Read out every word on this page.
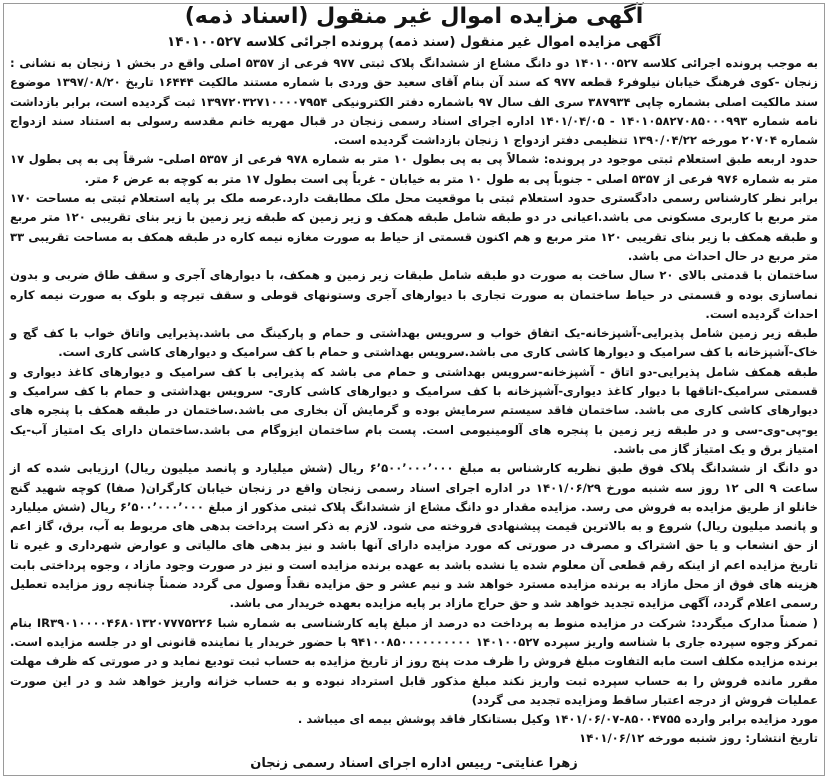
آگهی مزایده اموال غیر منقول (اسناد ذمه)
آگهی مزایده اموال غیر منقول (سند ذمه) پرونده اجرائی کلاسه ۱۴۰۱۰۰۵۲۷

به موجب پرونده اجرائی کلاسه ۱۴۰۱۰۰۵۲۷ دو دانگ مشاع از ششدانگ پلاک ثبتی ۹۷۷ فرعی از ۵۳۵۷ اصلی واقع در بخش ۱ زنجان به نشانی : زنجان -کوی فرهنگ خیابان نیلوفر۶ قطعه ۹۷۷ که سند آن بنام آقای سعید حق وردی با شماره مستند مالکیت ۱۶۴۴۴ تاریخ ۱۳۹۷/۰۸/۲۰ موضوع سند مالکیت اصلی بشماره چاپی ۳۸۷۹۳۴ سری الف سال ۹۷ باشماره دفتر الکترونیکی ۱۳۹۷۲۰۳۲۷۱۰۰۰۰۷۹۵۴ ثبت گردیده است، برابر بازداشت نامه شماره ۱۴۰۱۰۵۸۲۷۰۸۵۰۰۰۹۹۳ - ۱۴۰۱/۰۴/۰۵ اداره اجرای اسناد رسمی زنجان در قبال مهریه خانم مقدسه رسولی به استناد سند ازدواج شماره ۲۰۷۰۴ مورخه ۱۳۹۰/۰۴/۲۲ تنظیمی دفتر ازدواج ۱ زنجان بازداشت گردیده است.

حدود اربعه طبق استعلام ثبتی موجود در پرونده: شمالاً پی به پی بطول ۱۰ متر به شماره ۹۷۸ فرعی از ۵۳۵۷ اصلی- شرقاً پی به پی بطول ۱۷ متر به شماره ۹۷۶ فرعی از ۵۳۵۷ اصلی - جنوباً پی به طول ۱۰ متر به خیابان - غرباً پی است بطول ۱۷ متر به کوچه به عرض ۶ متر.

برابر نظر کارشناس رسمی دادگستری حدود استعلام ثبتی با موقعیت محل ملک مطابقت دارد.عرصه ملک بر پایه استعلام ثبتی به مساحت ۱۷۰ متر مربع با کاربری مسکونی می باشد.اعیانی در دو طبقه شامل طبقه همکف و زیر زمین که طبقه زیر زمین با زیر بنای تقریبی ۱۲۰ متر مربع و طبقه همکف با زیر بنای تقریبی ۱۲۰ متر مربع و هم اکنون قسمتی از حیاط به صورت مغازه نیمه کاره در طبقه همکف به مساحت تقریبی ۳۳ متر مربع در حال احداث می باشد.

ساختمان با قدمتی بالای ۲۰ سال ساخت به صورت دو طبقه شامل طبقات زیر زمین و همکف، با دیوارهای آجری و سقف طاق ضربی و بدون نماسازی بوده و قسمتی در حیاط ساختمان به صورت تجاری با دیوارهای آجری وستونهای قوطی و سقف تیرچه و بلوک به صورت نیمه کاره احداث گردیده است.

طبقه زیر زمین شامل پذیرایی-آشپزخانه-یک اتفاق خواب و سرویس بهداشتی و حمام و پارکینگ می باشد.پذیرایی واتاق خواب با کف گچ و خاک-آشپزخانه با کف سرامیک و دیوارها کاشی کاری می باشد.سرویس بهداشتی و حمام با کف سرامیک و دیوارهای کاشی کاری است.

طبقه همکف شامل پذیرایی-دو اتاق - آشپزخانه-سرویس بهداشتی و حمام می باشد که پذیرایی با کف سرامیک و دیوارهای کاغذ دیواری و قسمتی سرامیک-اتاقها با دیوار کاغذ دیواری-آشپزخانه با کف سرامیک و دیوارهای کاشی کاری- سرویس بهداشتی و حمام با کف سرامیک و دیوارهای کاشی کاری می باشد. ساختمان فاقد سیستم سرمایش بوده و گرمایش آن بخاری می باشد.ساختمان در طبقه همکف با پنجره های یو-پی-وی-سی و در طبقه زیر زمین با پنجره های آلومینیومی است. پست بام ساختمان ایزوگام می باشد.ساختمان دارای یک امتیاز آب-یک امتیاز برق و یک امتیاز گاز می باشد.

دو دانگ از ششدانگ پلاک فوق طبق نظریه کارشناس به مبلغ ۶٬۵۰۰٬۰۰۰٬۰۰۰ ریال (شش میلیارد و پانصد میلیون ریال) ارزیابی شده که از ساعت ۹ الی ۱۲ روز سه شنبه مورخ ۱۴۰۱/۰۶/۲۹ در اداره اجرای اسناد رسمی زنجان واقع در زنجان خیابان کارگران( صفا) کوچه شهید گنج خانلو از طریق مزایده به فروش می رسد. مزایده مقدار دو دانگ مشاع از ششدانگ پلاک ثبتی مذکور از مبلغ ۶٬۵۰۰٬۰۰۰٬۰۰۰ ریال (شش میلیارد و پانصد میلیون ریال) شروع و به بالاترین قیمت پیشنهادی فروخته می شود. لازم به ذکر است پرداخت بدهی های مربوط به آب، برق، گاز اعم از حق انشعاب و یا حق اشتراک و مصرف در صورتی که مورد مزایده دارای آنها باشد و نیز بدهی های مالیاتی و عوارض شهرداری و غیره تا تاریخ مزایده اعم از اینکه رقم قطعی آن معلوم شده یا نشده باشد به عهده برنده مزایده است و نیز در صورت وجود مازاد ، وجوه پرداختی بابت هزینه های فوق از محل مازاد به برنده مزایده مسترد خواهد شد و نیم عشر و حق مزایده نقداً وصول می گردد ضمناً چنانچه روز مزایده تعطیل رسمی اعلام گردد، آگهی مزایده تجدید خواهد شد و حق حراج مازاد بر پایه مزایده بعهده خریدار می باشد.

( ضمناً مدارک میگردد: شرکت در مزایده منوط به پرداخت ده درصد از مبلغ پایه کارشناسی به شماره شبا IR۳۹۰۱۰۰۰۰۴۶۸۰۱۳۲۰۷۷۷۵۲۲۶ بنام تمرکز وجوه سپرده جاری با شناسه واریز سپرده ۱۴۰۱۰۰۵۲۷ ۹۴۱۰۰۸۵۰۰۰۰۰۰۰۰۰۰ با حضور خریدار یا نماینده قانونی او در جلسه مزایده است. برنده مزایده مکلف است مابه التفاوت مبلغ فروش را ظرف مدت پنج روز از تاریخ مزایده به حساب ثبت تودیع نماید و در صورتی که ظرف مهلت مقرر مانده فروش را به حساب سپرده ثبت واریز نکند مبلغ مذکور قابل استرداد نبوده و به حساب خزانه واریز خواهد شد و در این صورت عملیات فروش از درجه اعتبار ساقط ومزایده تجدید می گردد)

مورد مزایده برابر وارده ۸۵۰۰۴۷۵۵-۱۴۰۱/۰۶/۰۷ وکیل بستانکار فاقد پوشش بیمه ای میباشد .

تاریخ انتشار: روز شنبه مورخه ۱۴۰۱/۰۶/۱۲

زهرا عنایتی- رییس اداره اجرای اسناد رسمی زنجان
